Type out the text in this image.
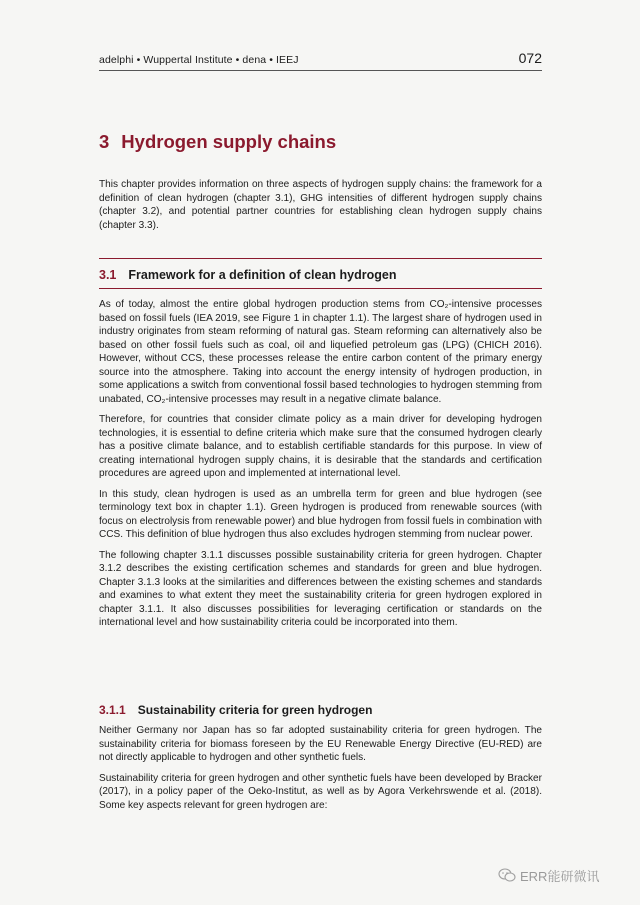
adelphi • Wuppertal Institute • dena • IEEJ	072
3 Hydrogen supply chains

This chapter provides information on three aspects of hydrogen supply chains: the framework for a definition of clean hydrogen (chapter 3.1), GHG intensities of different hydrogen supply chains (chapter 3.2), and potential partner countries for establishing clean hydrogen supply chains (chapter 3.3).

3.1 Framework for a definition of clean hydrogen

As of today, almost the entire global hydrogen production stems from CO₂-intensive processes based on fossil fuels (IEA 2019, see Figure 1 in chapter 1.1). The largest share of hydrogen used in industry originates from steam reforming of natural gas. Steam reforming can alternatively also be based on other fossil fuels such as coal, oil and liquefied petroleum gas (LPG) (CHICH 2016). However, without CCS, these processes release the entire carbon content of the primary energy source into the atmosphere. Taking into account the energy intensity of hydrogen production, in some applications a switch from conventional fossil based technologies to hydrogen stemming from unabated, CO₂-intensive processes may result in a negative climate balance.

Therefore, for countries that consider climate policy as a main driver for developing hydrogen technologies, it is essential to define criteria which make sure that the consumed hydrogen clearly has a positive climate balance, and to establish certifiable standards for this purpose. In view of creating international hydrogen supply chains, it is desirable that the standards and certification procedures are agreed upon and implemented at international level.

In this study, clean hydrogen is used as an umbrella term for green and blue hydrogen (see terminology text box in chapter 1.1). Green hydrogen is produced from renewable sources (with focus on electrolysis from renewable power) and blue hydrogen from fossil fuels in combination with CCS. This definition of blue hydrogen thus also excludes hydrogen stemming from nuclear power.

The following chapter 3.1.1 discusses possible sustainability criteria for green hydrogen. Chapter 3.1.2 describes the existing certification schemes and standards for green and blue hydrogen. Chapter 3.1.3 looks at the similarities and differences between the existing schemes and standards and examines to what extent they meet the sustainability criteria for green hydrogen explored in chapter 3.1.1. It also discusses possibilities for leveraging certification or standards on the international level and how sustainability criteria could be incorporated into them.

3.1.1 Sustainability criteria for green hydrogen

Neither Germany nor Japan has so far adopted sustainability criteria for green hydrogen. The sustainability criteria for biomass foreseen by the EU Renewable Energy Directive (EU-RED) are not directly applicable to hydrogen and other synthetic fuels.

Sustainability criteria for green hydrogen and other synthetic fuels have been developed by Bracker (2017), in a policy paper of the Oeko-Institut, as well as by Agora Verkehrswende et al. (2018). Some key aspects relevant for green hydrogen are:

ERR能研微讯
